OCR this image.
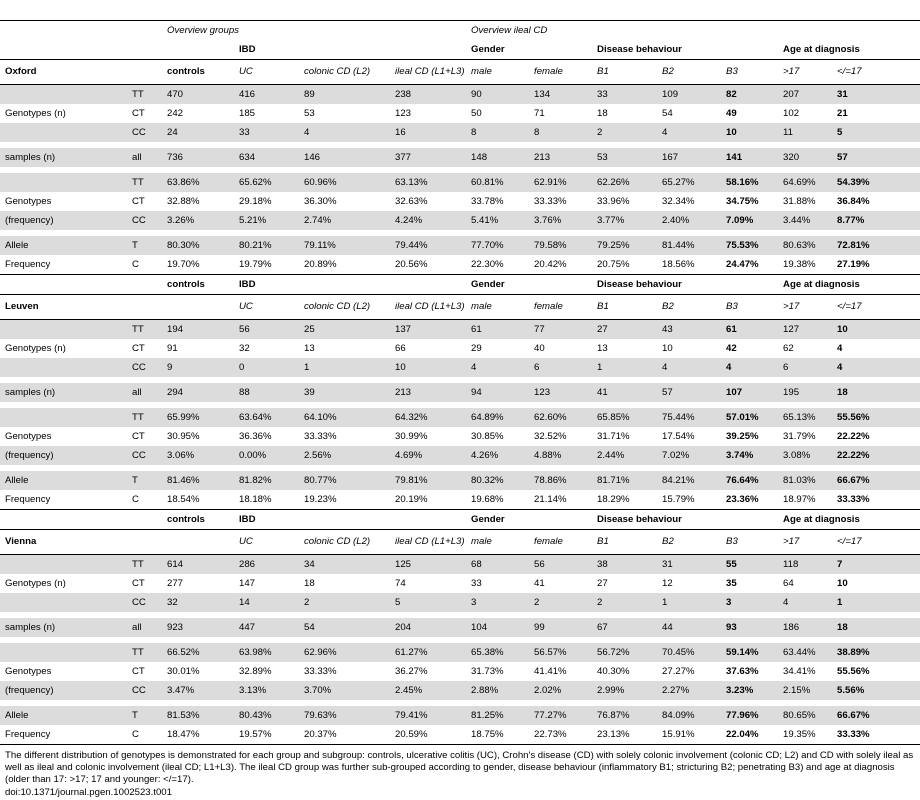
		Overview groups				Overview ileal CD						
			IBD			Gender		Disease behaviour			Age at diagnosis	
Oxford		controls	UC	colonic CD (L2)	ileal CD (L1+L3)	male	female	B1	B2	B3	>17	</=17
	TT	470	416	89	238	90	134	33	109	82	207	31
Genotypes (n)	CT	242	185	53	123	50	71	18	54	49	102	21
	CC	24	33	4	16	8	8	2	4	10	11	5

samples (n)	all	736	634	146	377	148	213	53	167	141	320	57

	TT	63.86%	65.62%	60.96%	63.13%	60.81%	62.91%	62.26%	65.27%	58.16%	64.69%	54.39%
Genotypes	CT	32.88%	29.18%	36.30%	32.63%	33.78%	33.33%	33.96%	32.34%	34.75%	31.88%	36.84%
(frequency)	CC	3.26%	5.21%	2.74%	4.24%	5.41%	3.76%	3.77%	2.40%	7.09%	3.44%	8.77%

Allele	T	80.30%	80.21%	79.11%	79.44%	77.70%	79.58%	79.25%	81.44%	75.53%	80.63%	72.81%
Frequency	C	19.70%	19.79%	20.89%	20.56%	22.30%	20.42%	20.75%	18.56%	24.47%	19.38%	27.19%
		controls	IBD			Gender		Disease behaviour			Age at diagnosis	
Leuven			UC	colonic CD (L2)	ileal CD (L1+L3)	male	female	B1	B2	B3	>17	</=17
	TT	194	56	25	137	61	77	27	43	61	127	10
Genotypes (n)	CT	91	32	13	66	29	40	13	10	42	62	4
	CC	9	0	1	10	4	6	1	4	4	6	4

samples (n)	all	294	88	39	213	94	123	41	57	107	195	18

	TT	65.99%	63.64%	64.10%	64.32%	64.89%	62.60%	65.85%	75.44%	57.01%	65.13%	55.56%
Genotypes	CT	30.95%	36.36%	33.33%	30.99%	30.85%	32.52%	31.71%	17.54%	39.25%	31.79%	22.22%
(frequency)	CC	3.06%	0.00%	2.56%	4.69%	4.26%	4.88%	2.44%	7.02%	3.74%	3.08%	22.22%

Allele	T	81.46%	81.82%	80.77%	79.81%	80.32%	78.86%	81.71%	84.21%	76.64%	81.03%	66.67%
Frequency	C	18.54%	18.18%	19.23%	20.19%	19.68%	21.14%	18.29%	15.79%	23.36%	18.97%	33.33%
		controls	IBD			Gender		Disease behaviour			Age at diagnosis	
Vienna			UC	colonic CD (L2)	ileal CD (L1+L3)	male	female	B1	B2	B3	>17	</=17
	TT	614	286	34	125	68	56	38	31	55	118	7
Genotypes (n)	CT	277	147	18	74	33	41	27	12	35	64	10
	CC	32	14	2	5	3	2	2	1	3	4	1

samples (n)	all	923	447	54	204	104	99	67	44	93	186	18

	TT	66.52%	63.98%	62.96%	61.27%	65.38%	56.57%	56.72%	70.45%	59.14%	63.44%	38.89%
Genotypes	CT	30.01%	32.89%	33.33%	36.27%	31.73%	41.41%	40.30%	27.27%	37.63%	34.41%	55.56%
(frequency)	CC	3.47%	3.13%	3.70%	2.45%	2.88%	2.02%	2.99%	2.27%	3.23%	2.15%	5.56%

Allele	T	81.53%	80.43%	79.63%	79.41%	81.25%	77.27%	76.87%	84.09%	77.96%	80.65%	66.67%
Frequency	C	18.47%	19.57%	20.37%	20.59%	18.75%	22.73%	23.13%	15.91%	22.04%	19.35%	33.33%
The different distribution of genotypes is demonstrated for each group and subgroup: controls, ulcerative colitis (UC), Crohn's disease (CD) with solely colonic involvement (colonic CD; L2) and CD with solely ileal as well as ileal and colonic involvement (ileal CD; L1+L3). The ileal CD group was further sub-grouped according to gender, disease behaviour (inflammatory B1; stricturing B2; penetrating B3) and age at diagnosis (older than 17: >17; 17 and younger: </=17).
doi:10.1371/journal.pgen.1002523.t001
